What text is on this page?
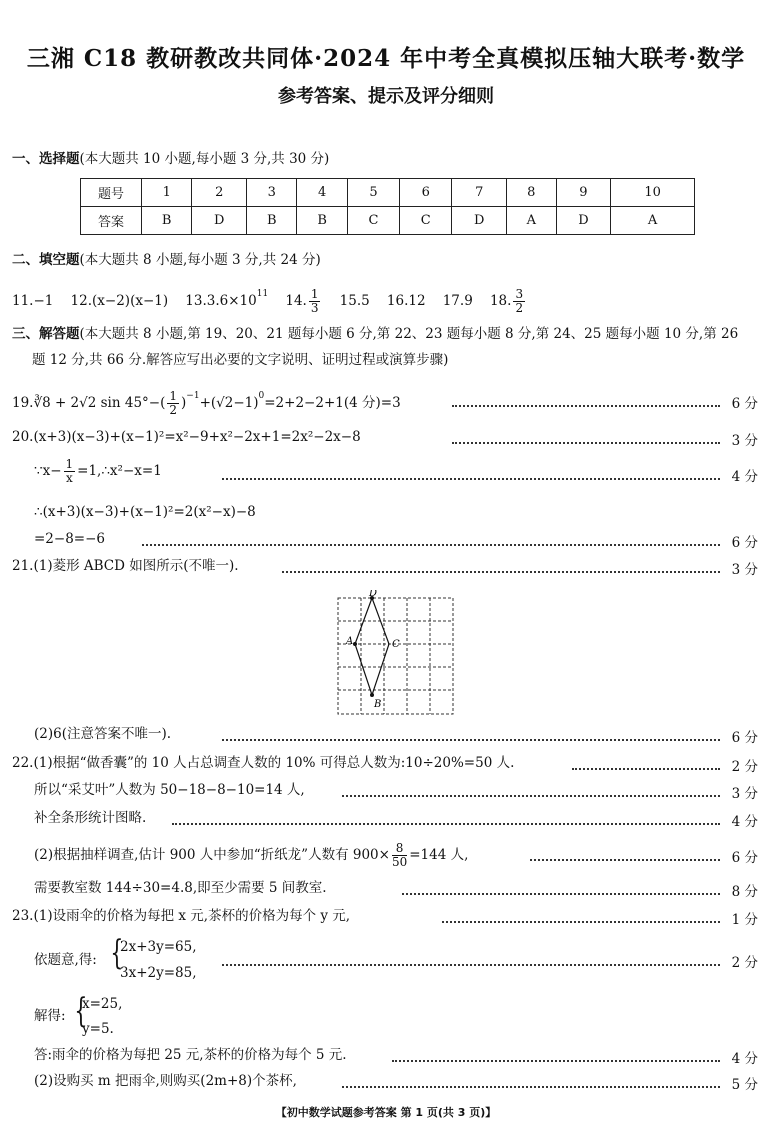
三湘 C18 教研教改共同体·2024 年中考全真模拟压轴大联考·数学
参考答案、提示及评分细则
一、选择题(本大题共 10 小题,每小题 3 分,共 30 分)
题号	1	2	3	4	5	6	7	8	9	10
答案	B	D	B	B	C	C	D	A	D	A
二、填空题(本大题共 8 小题,每小题 3 分,共 24 分)
11.−1 12.(x−2)(x−1) $13.3.6\times 10^{11}$ 14. $\frac{1}{3} 15.5$ 16.12 17.9 18. $\frac{3}{2}$
三、解答题(本大题共 8 小题,第 19、20、21 题每小题 6 分,第 22、23 题每小题 8 分,第 24、25 题每小题 10 分,第 26
题 12 分,共 66 分.解答应写出必要的文字说明、证明过程或演算步骤)
19.∛8 + 2√2 $\sin 45^\circ-( \frac{1}{2} )^{-1}+(√2-1)^0=2+2-2+1(4$ 分)=3	6 分
20.(x+3)(x−3)+(x−1)²=x²−9+x²−2x+1=2x²−2x−8	3 分
∵x− $\frac{1}{x}$ =1,∴x²−x=1	4 分
∴(x+3)(x−3)+(x−1)²=2(x²−x)−8
=2−8=−6	6 分
21.(1)菱形 ABCD 如图所示(不唯一).	3 分
D
A	C
B
(2)6(注意答案不唯一).	6 分
22.(1)根据“做香囊”的 10 人占总调查人数的 10% 可得总人数为:10÷20%=50 人.	2 分
所以“采艾叶”人数为 50−18−8−10=14 人,	3 分
补全条形统计图略.	4 分
(2)根据抽样调查,估计 900 人中参加“折纸龙”人数有 $900\times \frac{8}{50} =144$ 人,	6 分
需要教室数 144÷30=4.8,即至少需要 5 间教室.	8 分
23.(1)设雨伞的价格为每把 x 元,茶杯的价格为每个 y 元,	1 分
依题意,得: {
2x+3y=65,
3x+2y=85,
2 分
解得: {
x=25,
y=5.
答:雨伞的价格为每把 25 元,茶杯的价格为每个 5 元.	4 分
(2)设购买 m 把雨伞,则购买(2m+8)个茶杯,	5 分
【初中数学试题参考答案 第 1 页(共 3 页)】
